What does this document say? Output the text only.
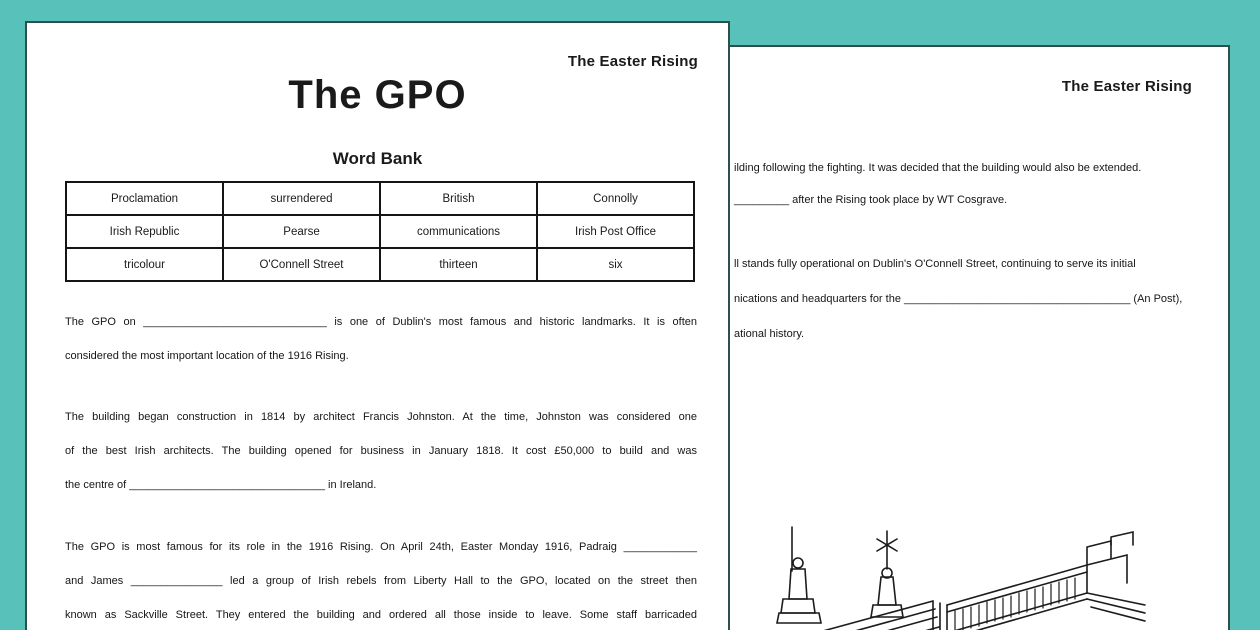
The Easter Rising
ilding following the fighting. It was decided that the building would also be extended.
_________ after the Rising took place by WT Cosgrave.
ll stands fully operational on Dublin's O'Connell Street, continuing to serve its initial
nications and headquarters for the _____________________________________ (An Post),
ational history.
The Easter Rising
The GPO
Word Bank
Proclamation	surrendered	British	Connolly
Irish Republic	Pearse	communications	Irish Post Office
tricolour	O'Connell Street	thirteen	six
The GPO on ______________________________ is one of Dublin's most famous and historic landmarks. It is often
considered the most important location of the 1916 Rising.
The building began construction in 1814 by architect Francis Johnston. At the time, Johnston was considered one
of the best Irish architects. The building opened for business in January 1818. It cost £50,000 to build and was
the centre of ________________________________ in Ireland.
The GPO is most famous for its role in the 1916 Rising. On April 24th, Easter Monday 1916, Padraig ____________
and James _______________ led a group of Irish rebels from Liberty Hall to the GPO, located on the street then
known as Sackville Street. They entered the building and ordered all those inside to leave. Some staff barricaded
